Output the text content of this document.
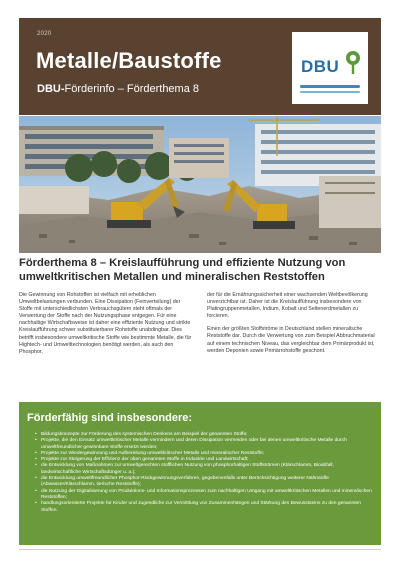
2020
Metalle/Baustoffe
DBU-Förderinfo – Förderthema 8
DBU
Förderthema 8 – Kreislaufführung und effiziente Nutzung von umweltkritischen Metallen und mineralischen Reststoffen

Die Gewinnung von Rohstoffen ist vielfach mit erheblichen Umweltbelastungen verbunden. Eine Dissipation (Feinverteilung) der Stoffe mit unterschiedlichsten Verbrauchsgütern steht oftmals der Verwertung der Stoffe nach der Nutzungsphase entgegen. Für eine nachhaltige Wirtschaftsweise ist daher eine effiziente Nutzung und strikte Kreislaufführung schwer substituierbarer Rohstoffe unabdingbar. Dies betrifft insbesondere umweltkritische Stoffe wie bestimmte Metalle, die für Hightech- und Umwelttechnologien benötigt werden, als auch den Phosphor,

der für die Ernährungssicherheit einer wachsenden Weltbevölkerung unverzichtbar ist. Daher ist die Kreislaufführung insbesondere von Platingruppenmetallen, Indium, Kobalt und Seltenerdmetallen zu forcieren.

Einen der größten Stoffströme in Deutschland stellen mineralische Reststoffe dar. Durch die Verwertung von zum Beispiel Abbruchmaterial auf einem technischen Niveau, das vergleichbar dem Primärprodukt ist, werden Deponien sowie Primärrohstoffe geschont.

Förderfähig sind insbesondere:
• Bildungskonzepte zur Förderung des systemischen Denkens am Beispiel der genannten Stoffe;
• Projekte, die den Einsatz umweltkritischer Metalle vermindern und deren Dissipation vermeiden oder bei denen umweltkritische Metalle durch umweltfreundlicher gewinnbare Stoffe ersetzt werden;
• Projekte zur Wiedergewinnung und Aufbereitung umweltkritischer Metalle und mineralischer Reststoffe;
• Projekte zur Steigerung der Effizienz der oben genannten Stoffe in Industrie und Landwirtschaft;
• die Entwicklung von Maßnahmen zur umweltgerechten stofflichen Nutzung von phosphorhaltigen Stoffströmen (Klärschlamm, Bioabfall, landwirtschaftliche Wirtschaftsdünger u. a.);
• die Entwicklung umweltfreundlicher Phosphor-Rückgewinnungsverfahren, gegebenenfalls unter Berücksichtigung weiterer Nährstoffe (Abwasser/Klärschlamm, tierische Reststoffe);
• die Nutzung der Digitalisierung von Produktions- und Informationsprozessen zum nachhaltigen Umgang mit umweltkritischen Metallen und mineralischen Reststoffen;
• handlungsorientierte Projekte für Kinder und Jugendliche zur Vermittlung von Zusammenhängen und Stärkung des Bewusstseins zu den genannten Stoffen.
